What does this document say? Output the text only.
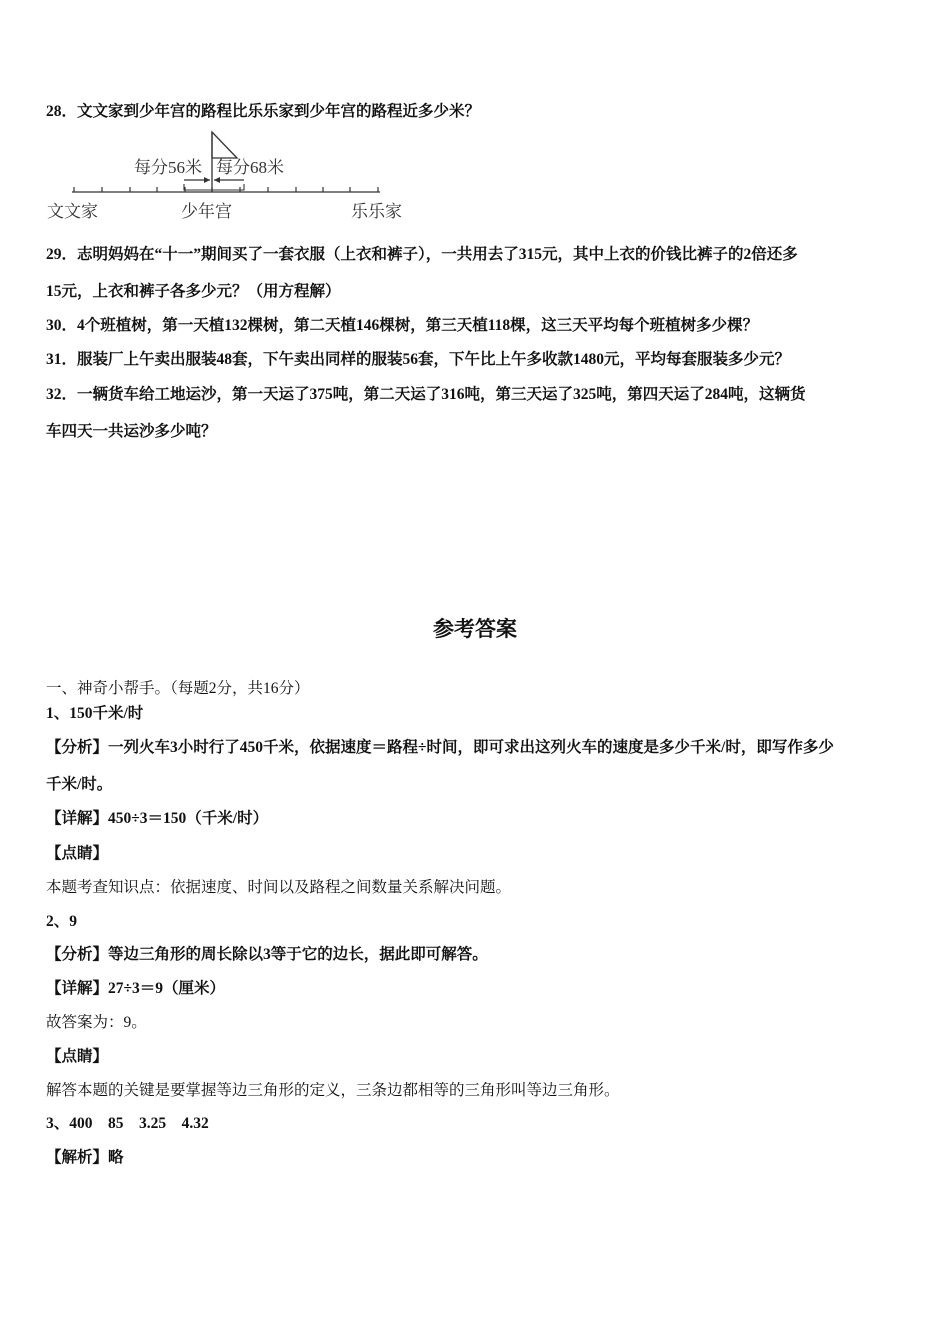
28．文文家到少年宫的路程比乐乐家到少年宫的路程近多少米？
每分56米 每分68米
文文家	少年宫	乐乐家
29．志明妈妈在“十一”期间买了一套衣服（上衣和裤子），一共用去了315元，其中上衣的价钱比裤子的2倍还多
15元，上衣和裤子各多少元？（用方程解）
30．4个班植树，第一天植132棵树，第二天植146棵树，第三天植118棵，这三天平均每个班植树多少棵？
31．服装厂上午卖出服装48套，下午卖出同样的服装56套，下午比上午多收款1480元，平均每套服装多少元？
32．一辆货车给工地运沙，第一天运了375吨，第二天运了316吨，第三天运了325吨，第四天运了284吨，这辆货
车四天一共运沙多少吨？
参考答案
一、神奇小帮手。（每题2分，共16分）
1、150千米/时
【分析】一列火车3小时行了450千米，依据速度＝路程÷时间，即可求出这列火车的速度是多少千米/时，即写作多少
千米/时。
【详解】450÷3＝150（千米/时）
【点睛】
本题考查知识点：依据速度、时间以及路程之间数量关系解决问题。
2、9
【分析】等边三角形的周长除以3等于它的边长，据此即可解答。
【详解】27÷3＝9（厘米）
故答案为：9。
【点睛】
解答本题的关键是要掌握等边三角形的定义，三条边都相等的三角形叫等边三角形。
3、400    85    3.25    4.32
【解析】略
